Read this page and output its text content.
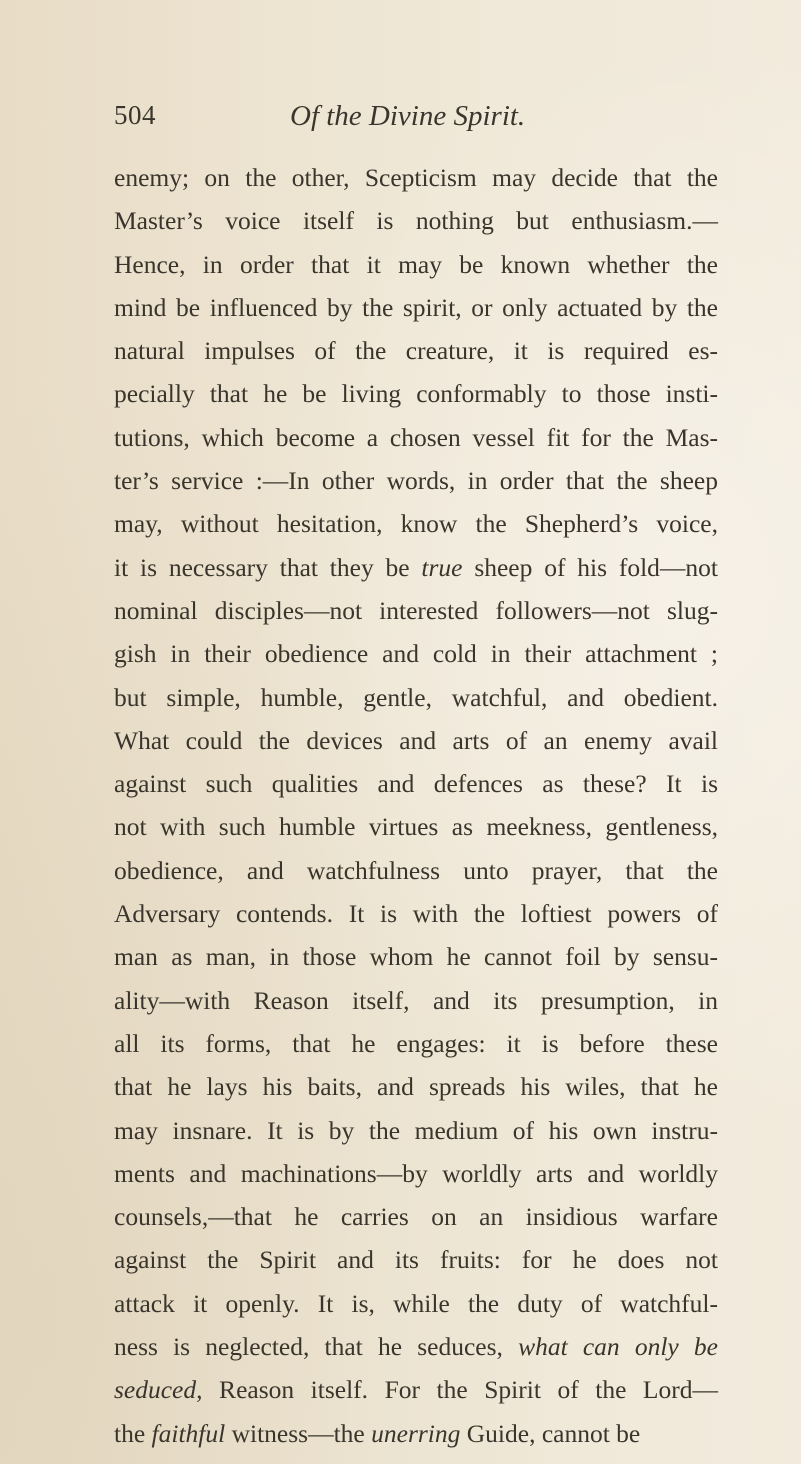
504	Of the Divine Spirit.
enemy; on the other, Scepticism may decide that the
Master’s voice itself is nothing but enthusiasm.—
Hence, in order that it may be known whether the
mind be influenced by the spirit, or only actuated by the
natural impulses of the creature, it is required es-
pecially that he be living conformably to those insti-
tutions, which become a chosen vessel fit for the Mas-
ter’s service :—In other words, in order that the sheep
may, without hesitation, know the Shepherd’s voice,
it is necessary that they be true sheep of his fold—not
nominal disciples—not interested followers—not slug-
gish in their obedience and cold in their attachment ;
but simple, humble, gentle, watchful, and obedient.
What could the devices and arts of an enemy avail
against such qualities and defences as these? It is
not with such humble virtues as meekness, gentleness,
obedience, and watchfulness unto prayer, that the
Adversary contends. It is with the loftiest powers of
man as man, in those whom he cannot foil by sensu-
ality—with Reason itself, and its presumption, in
all its forms, that he engages: it is before these
that he lays his baits, and spreads his wiles, that he
may insnare. It is by the medium of his own instru-
ments and machinations—by worldly arts and worldly
counsels,—that he carries on an insidious warfare
against the Spirit and its fruits: for he does not
attack it openly. It is, while the duty of watchful-
ness is neglected, that he seduces, what can only be
seduced, Reason itself. For the Spirit of the Lord—
the faithful witness—the unerring Guide, cannot be
